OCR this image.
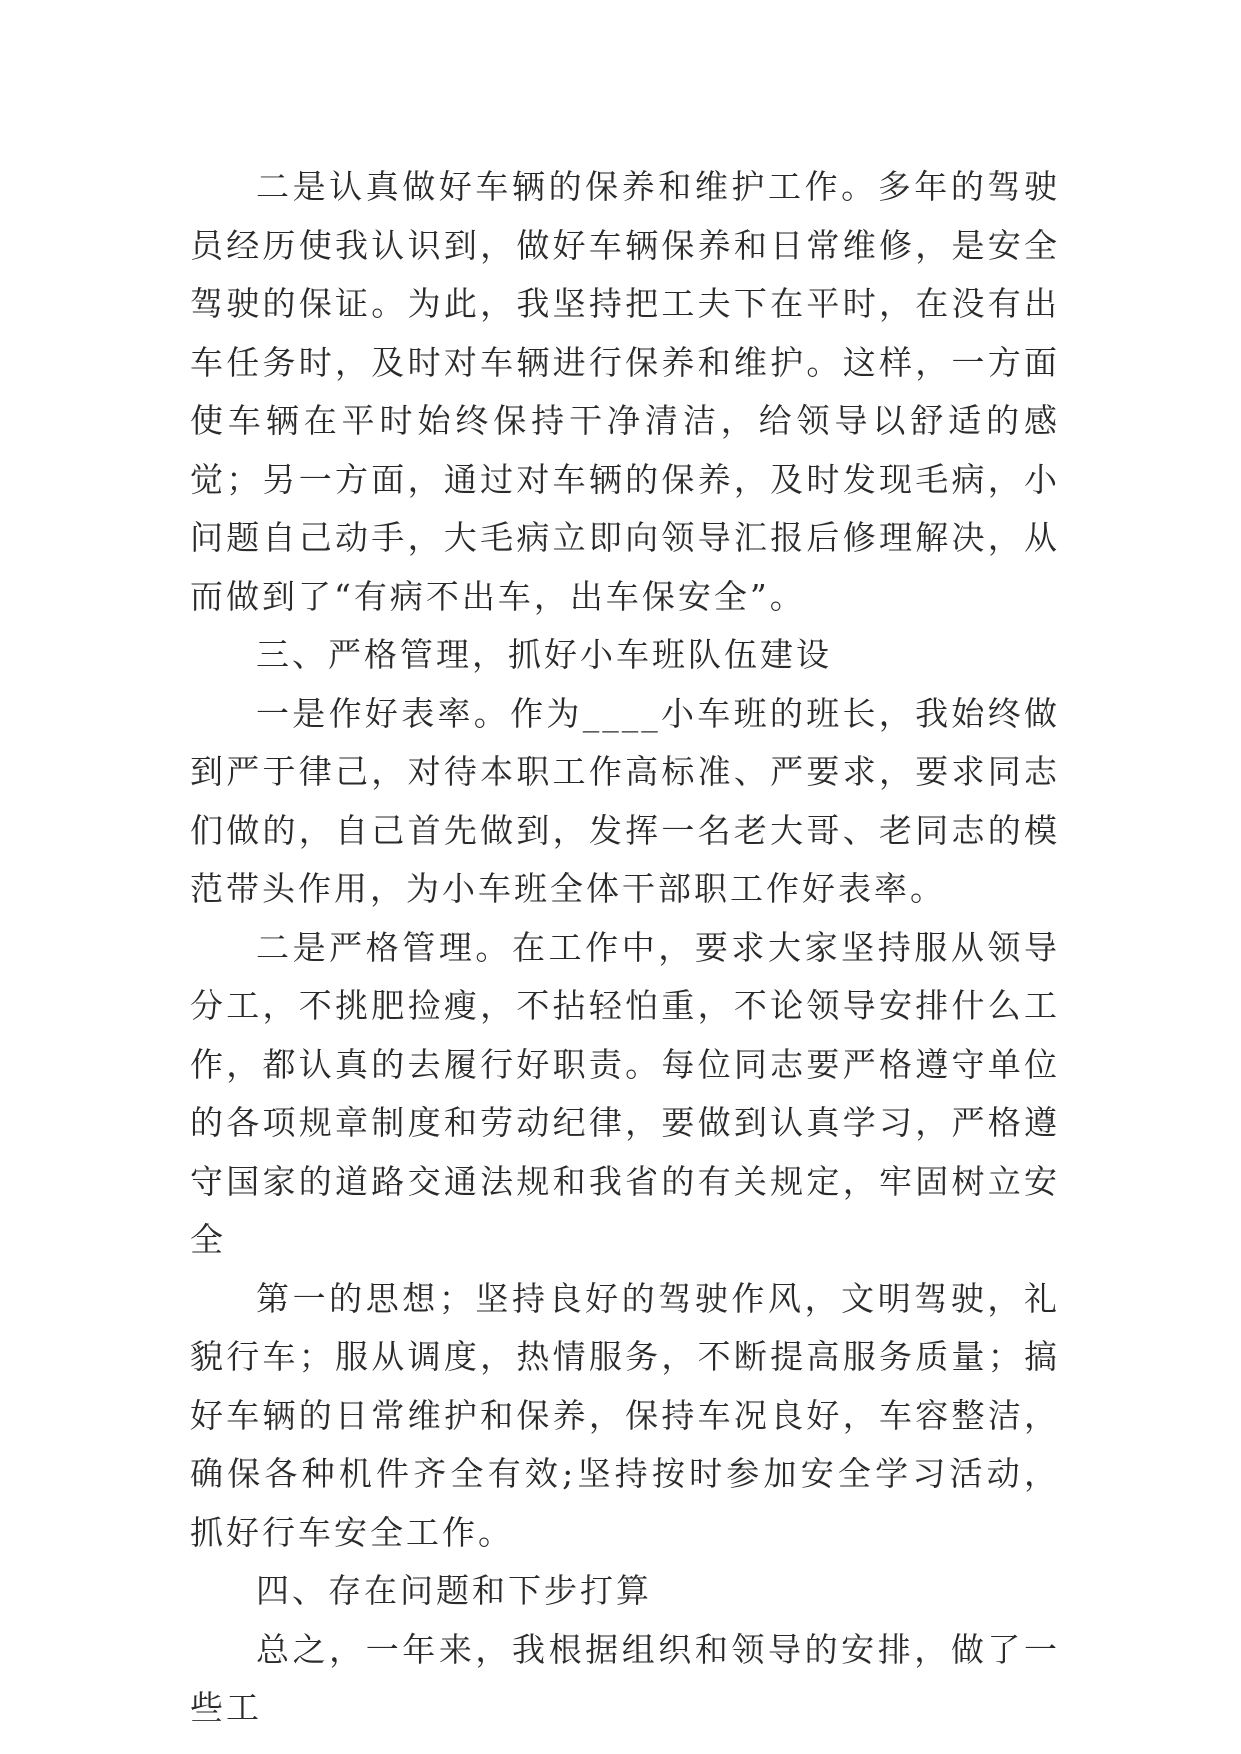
二是认真做好车辆的保养和维护工作。多年的驾驶员经历使我认识到，做好车辆保养和日常维修，是安全驾驶的保证。为此，我坚持把工夫下在平时，在没有出车任务时，及时对车辆进行保养和维护。这样，一方面使车辆在平时始终保持干净清洁，给领导以舒适的感觉；另一方面，通过对车辆的保养，及时发现毛病，小问题自己动手，大毛病立即向领导汇报后修理解决，从而做到了“有病不出车，出车保安全”。

三、严格管理，抓好小车班队伍建设

一是作好表率。作为____小车班的班长，我始终做到严于律己，对待本职工作高标准、严要求，要求同志们做的，自己首先做到，发挥一名老大哥、老同志的模范带头作用，为小车班全体干部职工作好表率。

二是严格管理。在工作中，要求大家坚持服从领导分工，不挑肥捡瘦，不拈轻怕重，不论领导安排什么工作，都认真的去履行好职责。每位同志要严格遵守单位的各项规章制度和劳动纪律，要做到认真学习，严格遵守国家的道路交通法规和我省的有关规定，牢固树立安全

第一的思想；坚持良好的驾驶作风，文明驾驶，礼貌行车；服从调度，热情服务，不断提高服务质量；搞好车辆的日常维护和保养，保持车况良好，车容整洁，确保各种机件齐全有效;坚持按时参加安全学习活动，抓好行车安全工作。

四、存在问题和下步打算

总之，一年来，我根据组织和领导的安排，做了一些工
